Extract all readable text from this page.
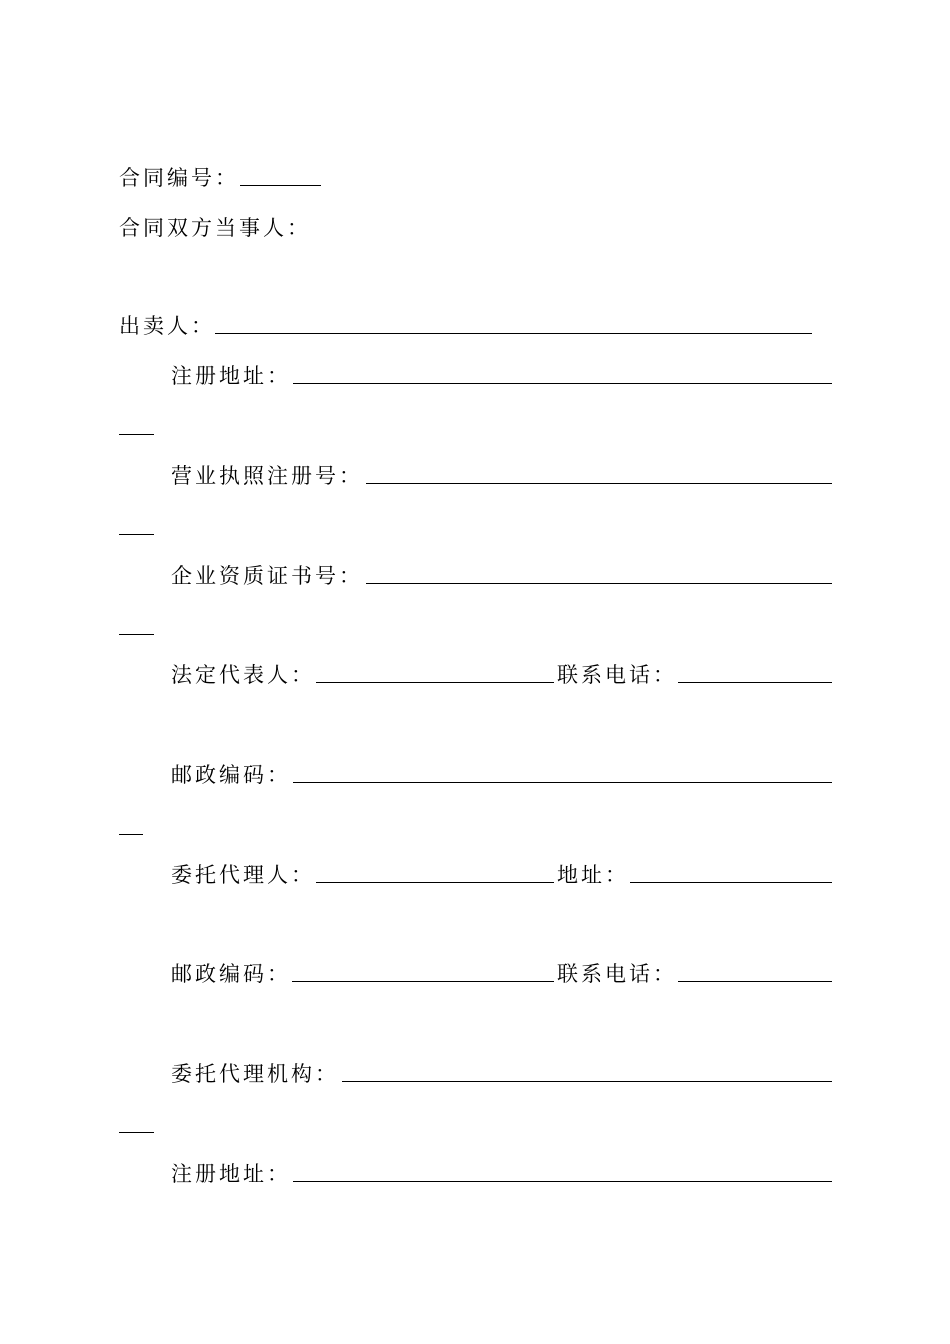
合同编号：
合同双方当事人：
出卖人：
注册地址：
营业执照注册号：
企业资质证书号：
法定代表人：	联系电话：
邮政编码：
委托代理人：	地址：
邮政编码：	联系电话：
委托代理机构：
注册地址：
